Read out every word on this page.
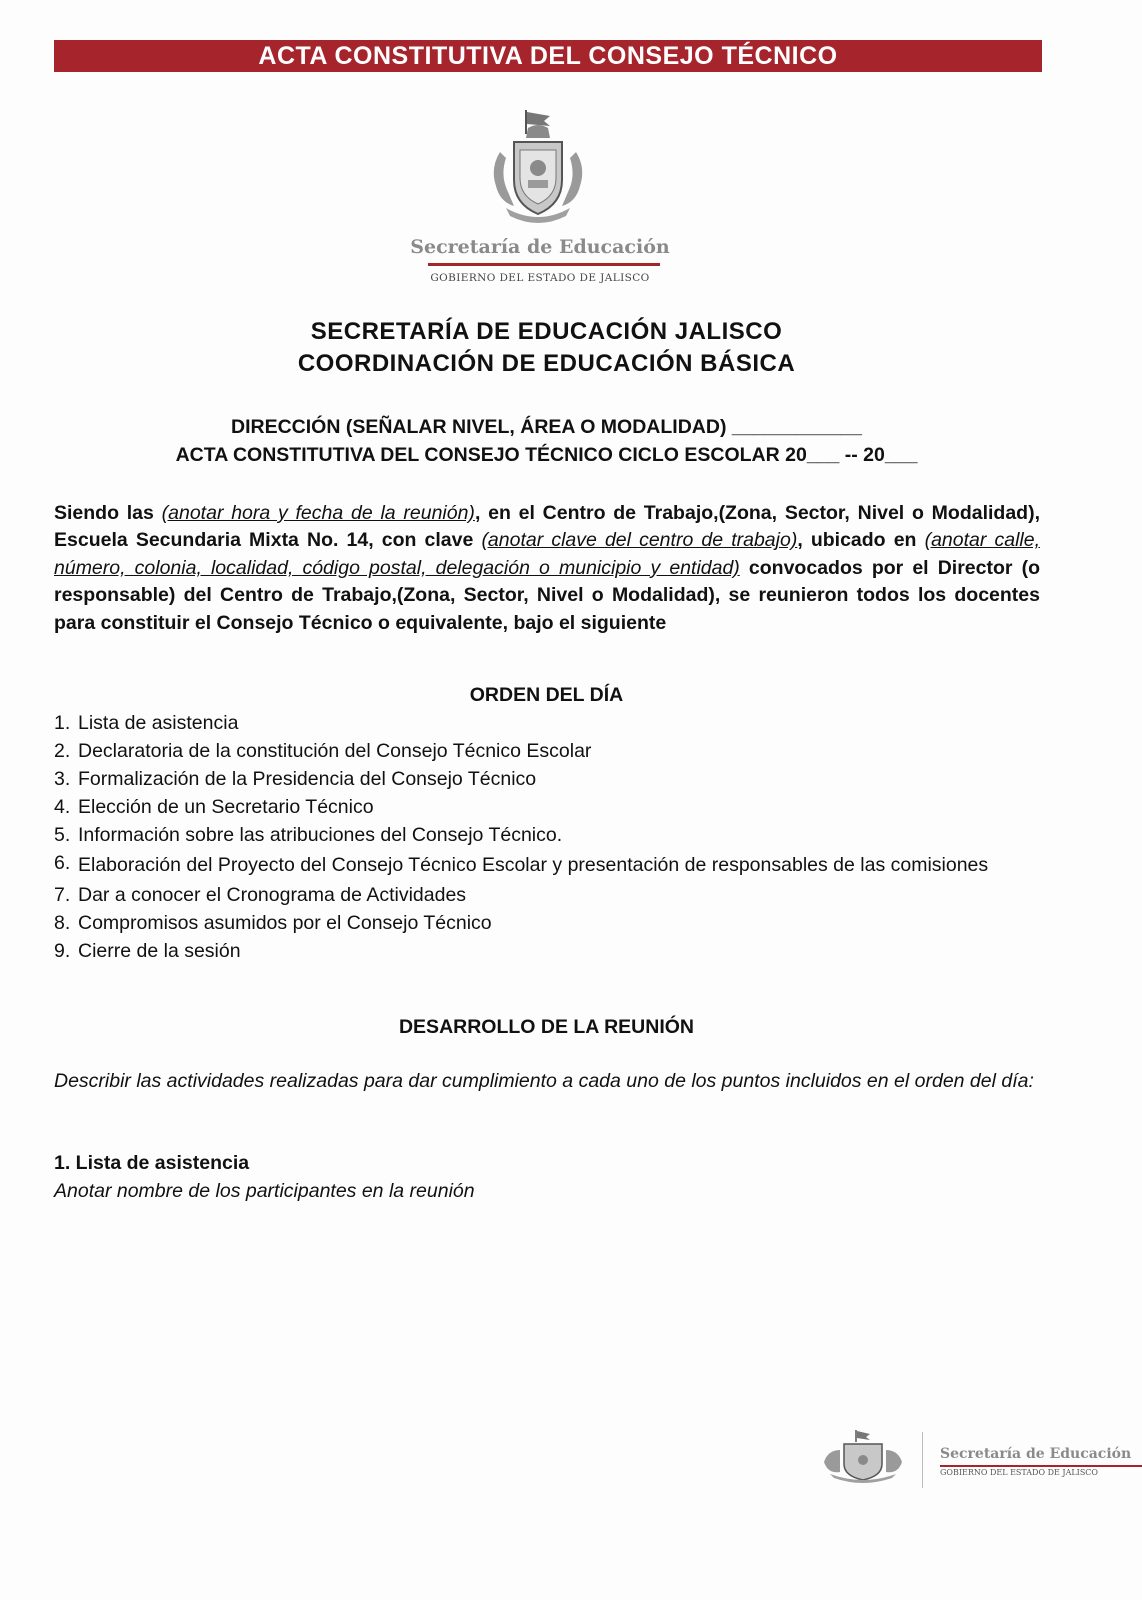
ACTA CONSTITUTIVA DEL CONSEJO TÉCNICO
Secretaría de Educación
GOBIERNO DEL ESTADO DE JALISCO
SECRETARÍA DE EDUCACIÓN JALISCO
COORDINACIÓN DE EDUCACIÓN BÁSICA
DIRECCIÓN (SEÑALAR NIVEL, ÁREA O MODALIDAD) ____________
ACTA CONSTITUTIVA DEL CONSEJO TÉCNICO CICLO ESCOLAR 20___ -- 20___
Siendo las (anotar hora y fecha de la reunión), en el Centro de Trabajo,(Zona, Sector, Nivel o Modalidad), Escuela Secundaria Mixta No. 14, con clave (anotar clave del centro de trabajo), ubicado en (anotar calle, número, colonia, localidad, código postal, delegación o municipio y entidad) convocados por el Director (o responsable) del Centro de Trabajo,(Zona, Sector, Nivel o Modalidad), se reunieron todos los docentes para constituir el Consejo Técnico o equivalente, bajo el siguiente
ORDEN DEL DÍA
1. Lista de asistencia
2. Declaratoria de la constitución del Consejo Técnico Escolar
3. Formalización de la Presidencia del Consejo Técnico
4. Elección de un Secretario Técnico
5. Información sobre las atribuciones del Consejo Técnico.
6. Elaboración del Proyecto del Consejo Técnico Escolar y presentación de responsables de las comisiones
7. Dar a conocer el Cronograma de Actividades
8. Compromisos asumidos por el Consejo Técnico
9. Cierre de la sesión
DESARROLLO DE LA REUNIÓN
Describir las actividades realizadas para dar cumplimiento a cada uno de los puntos incluidos en el orden del día:
1. Lista de asistencia
Anotar nombre de los participantes en la reunión
Secretaría de Educación
GOBIERNO DEL ESTADO DE JALISCO
